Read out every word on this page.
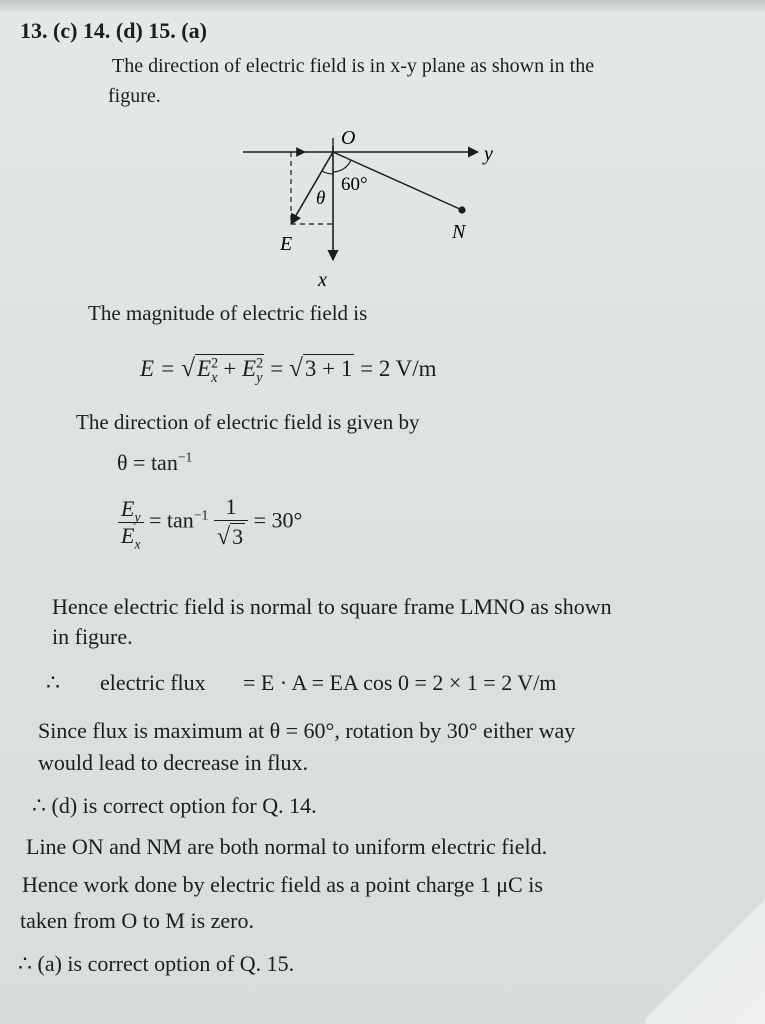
13. (c) 14. (d) 15. (a)
The direction of electric field is in x-y plane as shown in the
figure.
O
y
x
60°
θ
E
N
The magnitude of electric field is
$E = √E^2_x + E^2_y = √3 + 1 = 2$ V/m
The direction of electric field is given by
$\theta = \tan^{-1}$
$\frac{E_y}{E_x} = \tan^{-1} \frac{1}{√3} = 30^\circ$
Hence electric field is normal to square frame LMNO as shown
in figure.
∴ electric flux = E · A = EA cos 0 = 2 × 1 = 2 V/m
Since flux is maximum at θ = 60°, rotation by 30° either way
would lead to decrease in flux.
∴ (d) is correct option for Q. 14.
Line ON and NM are both normal to uniform electric field.
Hence work done by electric field as a point charge 1 μC is
taken from O to M is zero.
∴ (a) is correct option of Q. 15.
